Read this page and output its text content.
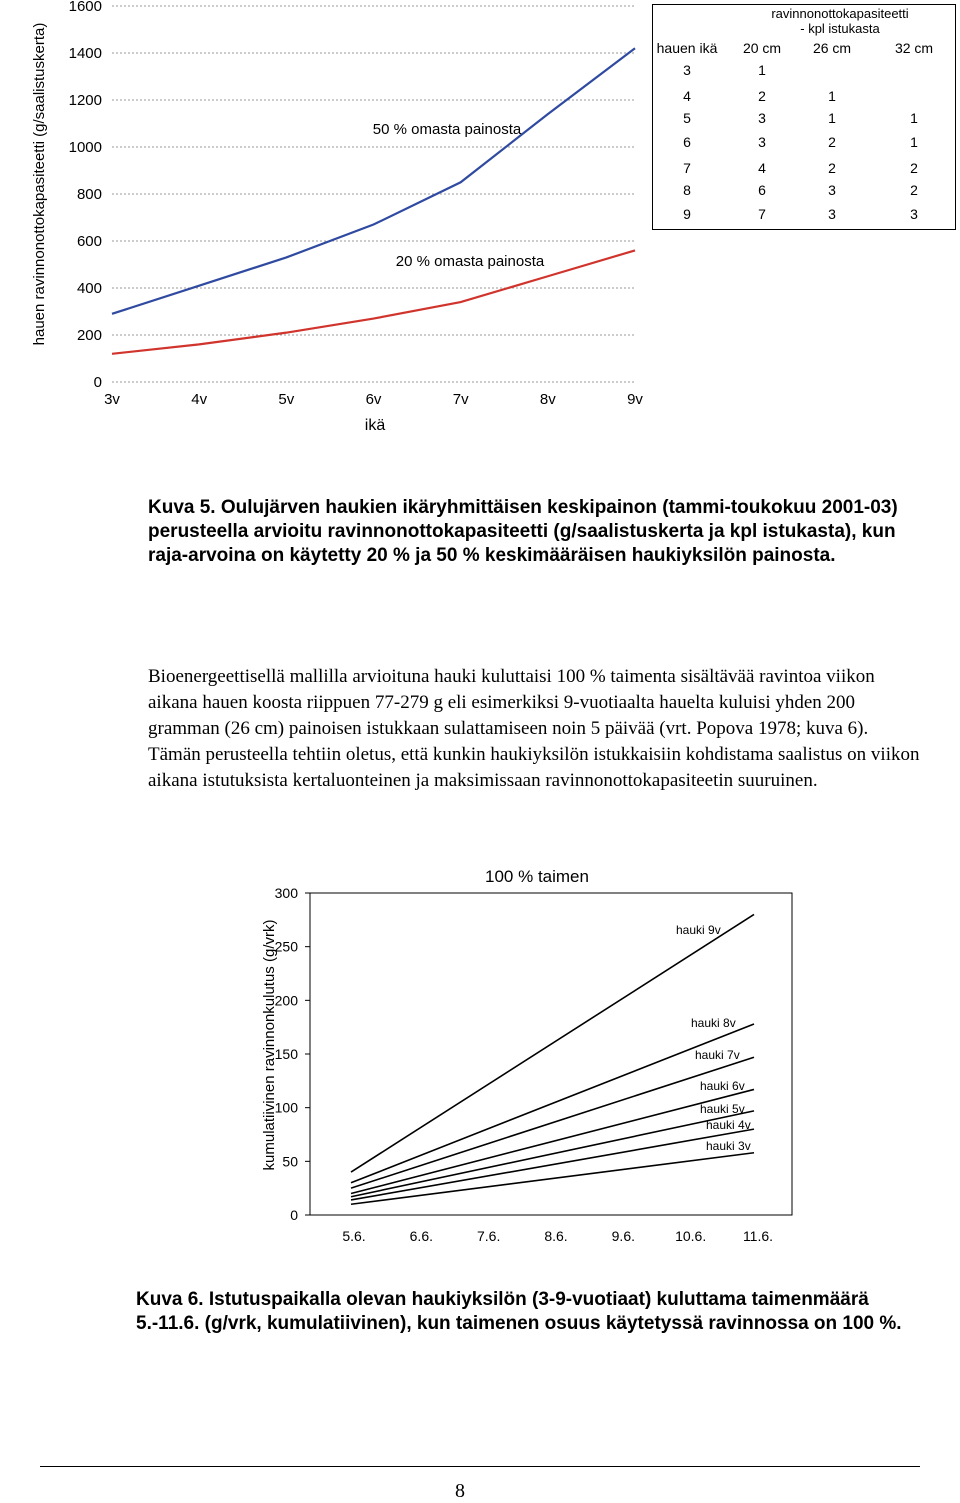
0
200
400
600
800
1000
1200
1400
1600
3v	4v	5v	6v	7v	8v	9v
hauen ravinnonottokapasiteetti (g/saalistuskerta)
ikä
50 % omasta painosta
20 % omasta painosta
ravinnonottokapasiteetti
- kpl istukasta
hauen ikä	20 cm	26 cm	32 cm
3	1
4	2	1
5	3	1	1
6	3	2	1
7	4	2	2
8	6	3	2
9	7	3	3
Kuva 5. Oulujärven haukien ikäryhmittäisen keskipainon (tammi-toukokuu 2001-03) perusteella arvioitu ravinnonottokapasiteetti (g/saalistuskerta ja kpl istukasta), kun raja-arvoina on käytetty 20 % ja 50 % keskimääräisen haukiyksilön painosta.

Bioenergeettisellä mallilla arvioituna hauki kuluttaisi 100 % taimenta sisältävää ravintoa viikon aikana hauen koosta riippuen 77-279 g eli esimerkiksi 9-vuotiaalta hauelta kuluisi yhden 200 gramman (26 cm) painoisen istukkaan sulattamiseen noin 5 päivää (vrt. Popova 1978; kuva 6). Tämän perusteella tehtiin oletus, että kunkin haukiyksilön istukkaisiin kohdistama saalistus on viikon aikana istutuksista kertaluonteinen ja maksimissaan ravinnonottokapasiteetin suuruinen.

0
50
100
150
200
250
300
5.6.	6.6.	7.6.	8.6.	9.6.	10.6.	11.6.
hauki 9v
hauki 8v
hauki 7v
hauki 6v
hauki 5v
hauki 4v
hauki 3v
100 % taimen
kumulatiivinen ravinnonkulutus (g/vrk)
Kuva 6. Istutuspaikalla olevan haukiyksilön (3-9-vuotiaat) kuluttama taimenmäärä 5.-11.6. (g/vrk, kumulatiivinen), kun taimenen osuus käytetyssä ravinnossa on 100 %.
8
